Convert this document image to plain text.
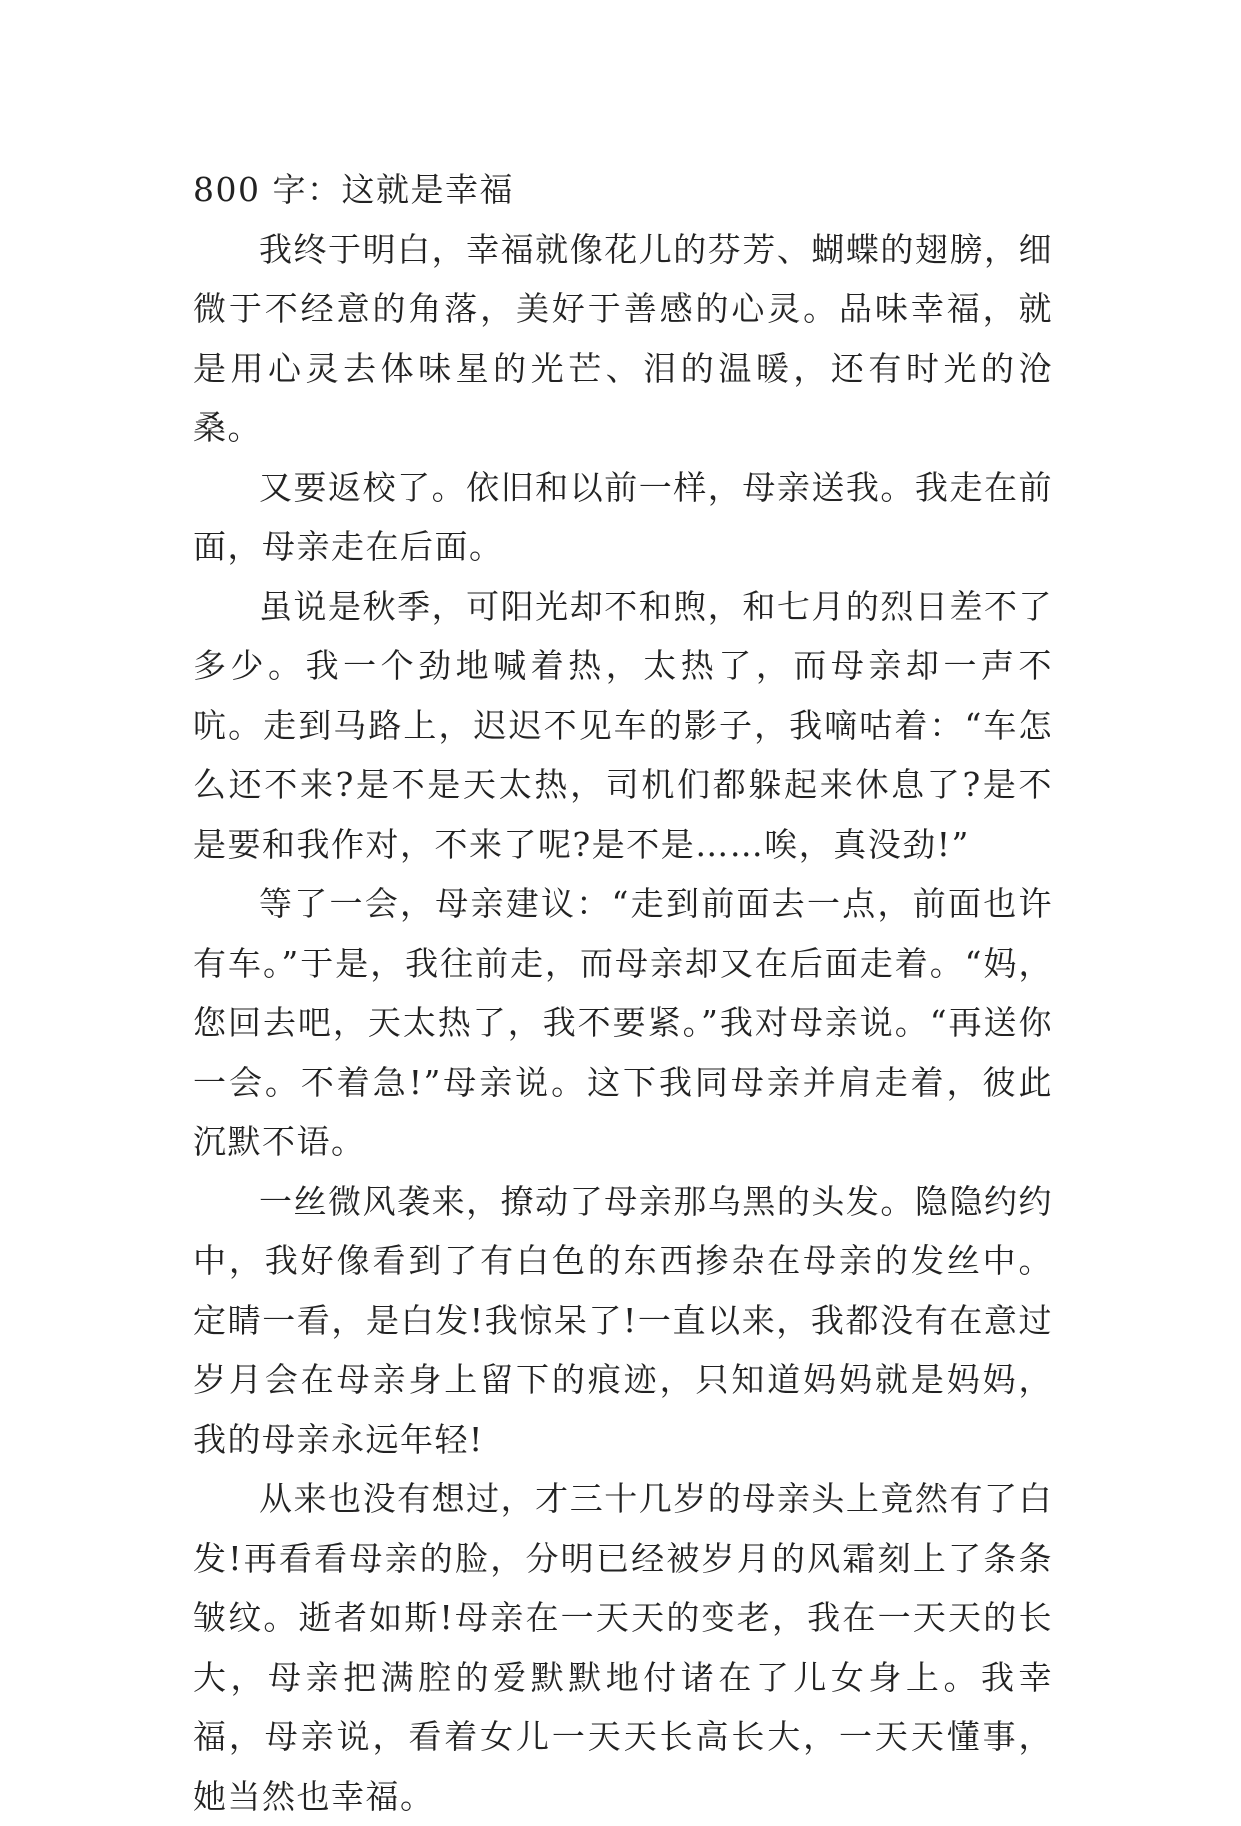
800 字：这就是幸福

我终于明白，幸福就像花儿的芬芳、蝴蝶的翅膀，细微于不经意的角落，美好于善感的心灵。品味幸福，就是用心灵去体味星的光芒、泪的温暖，还有时光的沧桑。

又要返校了。依旧和以前一样，母亲送我。我走在前面，母亲走在后面。

虽说是秋季，可阳光却不和煦，和七月的烈日差不了多少。我一个劲地喊着热，太热了，而母亲却一声不吭。走到马路上，迟迟不见车的影子，我嘀咕着：“车怎么还不来?是不是天太热，司机们都躲起来休息了?是不是要和我作对，不来了呢?是不是……唉，真没劲!”

等了一会，母亲建议：“走到前面去一点，前面也许有车。”于是，我往前走，而母亲却又在后面走着。“妈，您回去吧，天太热了，我不要紧。”我对母亲说。“再送你一会。不着急!”母亲说。这下我同母亲并肩走着，彼此沉默不语。

一丝微风袭来，撩动了母亲那乌黑的头发。隐隐约约中，我好像看到了有白色的东西掺杂在母亲的发丝中。定睛一看，是白发!我惊呆了!一直以来，我都没有在意过岁月会在母亲身上留下的痕迹，只知道妈妈就是妈妈，我的母亲永远年轻!

从来也没有想过，才三十几岁的母亲头上竟然有了白发!再看看母亲的脸，分明已经被岁月的风霜刻上了条条皱纹。逝者如斯!母亲在一天天的变老，我在一天天的长大，母亲把满腔的爱默默地付诸在了儿女身上。我幸福，母亲说，看着女儿一天天长高长大，一天天懂事，她当然也幸福。
